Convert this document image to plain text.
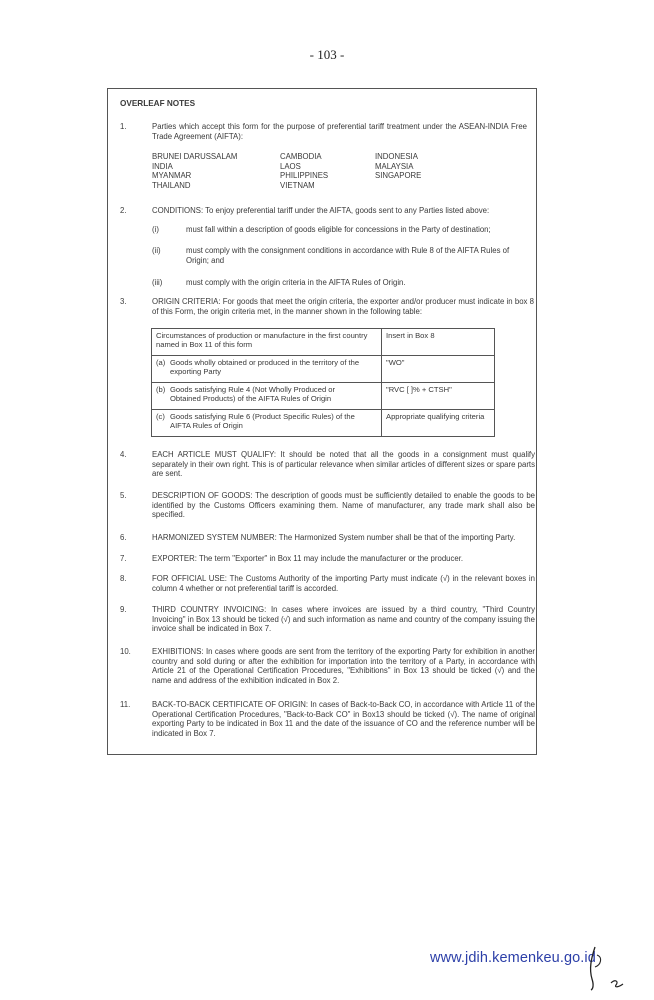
- 103 -
OVERLEAF NOTES
1.	Parties which accept this form for the purpose of preferential tariff treatment under the ASEAN-INDIA Free Trade Agreement (AIFTA):
BRUNEI DARUSSALAM
INDIA
MYANMAR
THAILAND
CAMBODIA
LAOS
PHILIPPINES
VIETNAM
INDONESIA
MALAYSIA
SINGAPORE
2.	CONDITIONS: To enjoy preferential tariff under the AIFTA, goods sent to any Parties listed above:
(i)	must fall within a description of goods eligible for concessions in the Party of destination;
(ii)	must comply with the consignment conditions in accordance with Rule 8 of the AIFTA Rules of Origin; and
(iii)	must comply with the origin criteria in the AIFTA Rules of Origin.
3.	ORIGIN CRITERIA: For goods that meet the origin criteria, the exporter and/or producer must indicate in box 8 of this Form, the origin criteria met, in the manner shown in the following table:
Circumstances of production or manufacture in the first country named in Box 11 of this form	Insert in Box 8
(a) Goods wholly obtained or produced in the territory of the exporting Party	"WO"
(b) Goods satisfying Rule 4 (Not Wholly Produced or Obtained Products) of the AIFTA Rules of Origin	"RVC [ ]% + CTSH"
(c) Goods satisfying Rule 6 (Product Specific Rules) of the AIFTA Rules of Origin	Appropriate qualifying criteria
4.	EACH ARTICLE MUST QUALIFY: It should be noted that all the goods in a consignment must qualify separately in their own right. This is of particular relevance when similar articles of different sizes or spare parts are sent.
5.	DESCRIPTION OF GOODS: The description of goods must be sufficiently detailed to enable the goods to be identified by the Customs Officers examining them. Name of manufacturer, any trade mark shall also be specified.
6.	HARMONIZED SYSTEM NUMBER: The Harmonized System number shall be that of the importing Party.
7.	EXPORTER: The term "Exporter" in Box 11 may include the manufacturer or the producer.
8.	FOR OFFICIAL USE: The Customs Authority of the importing Party must indicate (√) in the relevant boxes in column 4 whether or not preferential tariff is accorded.
9.	THIRD COUNTRY INVOICING: In cases where invoices are issued by a third country, "Third Country Invoicing" in Box 13 should be ticked (√) and such information as name and country of the company issuing the invoice shall be indicated in Box 7.
10.	EXHIBITIONS: In cases where goods are sent from the territory of the exporting Party for exhibition in another country and sold during or after the exhibition for importation into the territory of a Party, in accordance with Article 21 of the Operational Certification Procedures, "Exhibitions" in Box 13 should be ticked (√) and the name and address of the exhibition indicated in Box 2.
11.	BACK-TO-BACK CERTIFICATE OF ORIGIN: In cases of Back-to-Back CO, in accordance with Article 11 of the Operational Certification Procedures, "Back-to-Back CO" in Box13 should be ticked (√). The name of original exporting Party to be indicated in Box 11 and the date of the issuance of CO and the reference number will be indicated in Box 7.
www.jdih.kemenkeu.go.id
